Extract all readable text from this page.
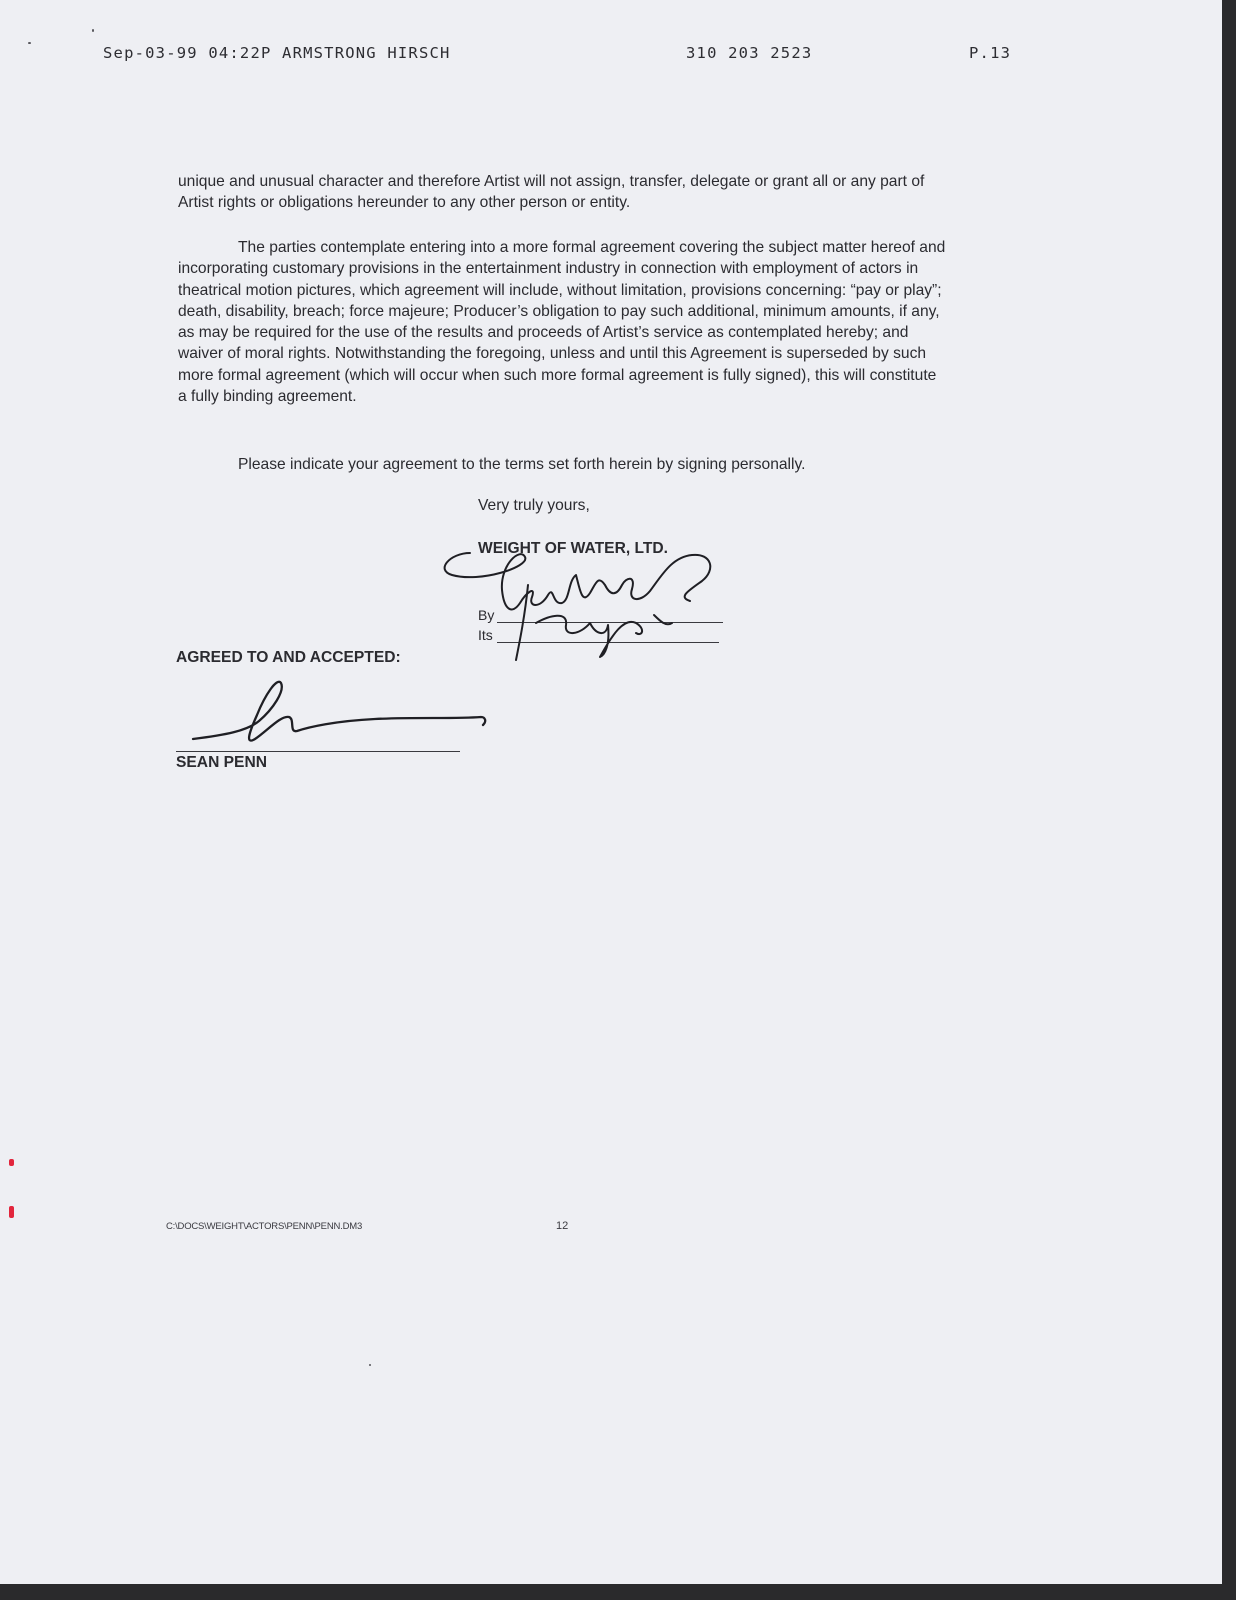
Sep-03-99 04:22P ARMSTRONG HIRSCH	310 203 2523	P.13
unique and unusual character and therefore Artist will not assign, transfer, delegate or grant all or any part of Artist rights or obligations hereunder to any other person or entity.
The parties contemplate entering into a more formal agreement covering the subject matter hereof and incorporating customary provisions in the entertainment industry in connection with employment of actors in theatrical motion pictures, which agreement will include, without limitation, provisions concerning: “pay or play”; death, disability, breach; force majeure; Producer’s obligation to pay such additional, minimum amounts, if any, as may be required for the use of the results and proceeds of Artist’s service as contemplated hereby; and waiver of moral rights. Notwithstanding the foregoing, unless and until this Agreement is superseded by such more formal agreement (which will occur when such more formal agreement is fully signed), this will constitute a fully binding agreement.
Please indicate your agreement to the terms set forth herein by signing personally.
Very truly yours,
WEIGHT OF WATER, LTD.
By
Its
AGREED TO AND ACCEPTED:
SEAN PENN
C:\DOCS\WEIGHT\ACTORS\PENN\PENN.DM3	12
